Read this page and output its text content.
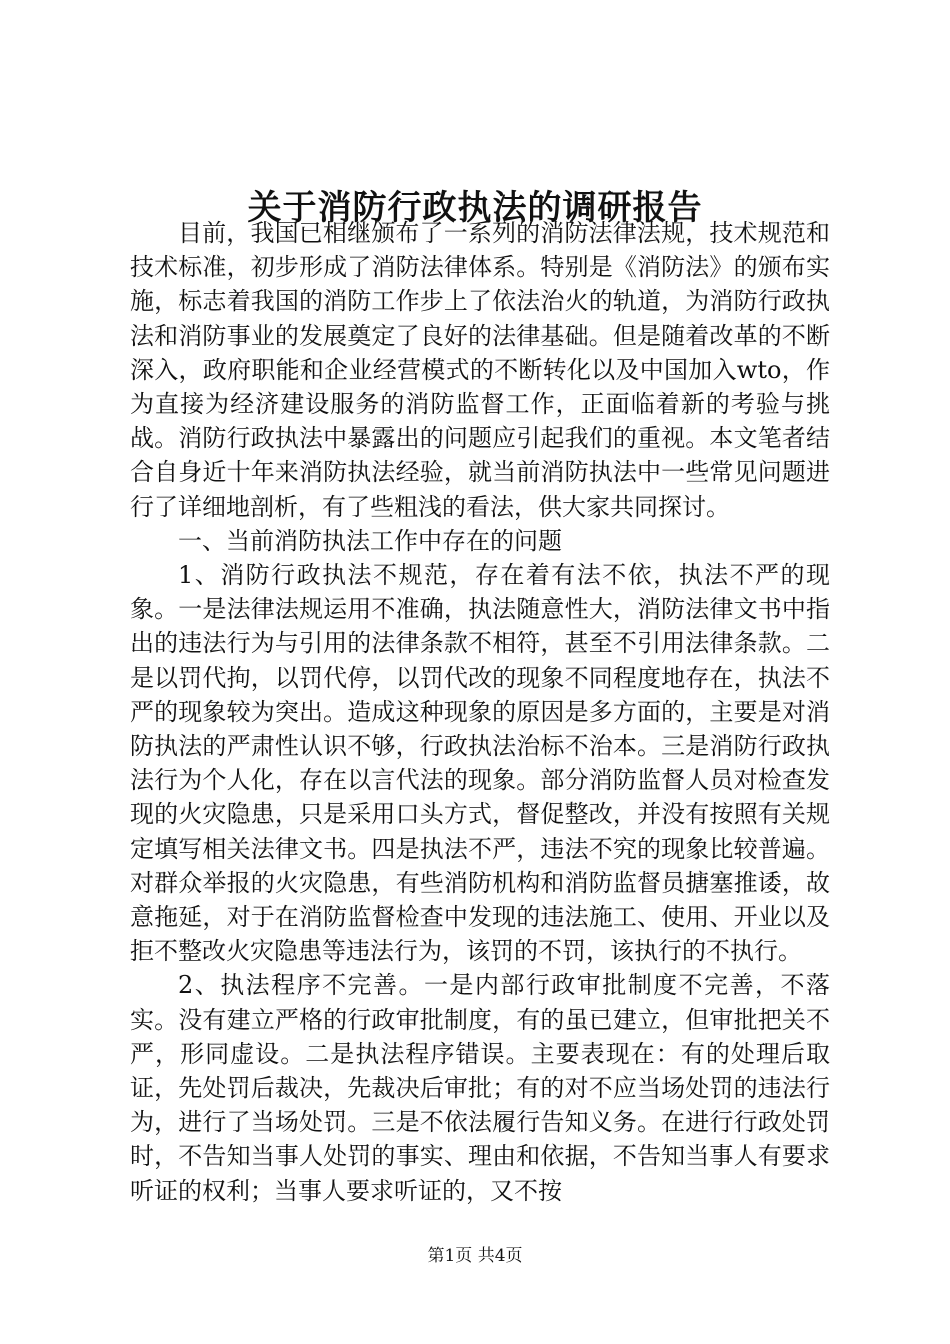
关于消防行政执法的调研报告

目前，我国已相继颁布了一系列的消防法律法规，技术规范和技术标准，初步形成了消防法律体系。特别是《消防法》的颁布实施，标志着我国的消防工作步上了依法治火的轨道，为消防行政执法和消防事业的发展奠定了良好的法律基础。但是随着改革的不断深入，政府职能和企业经营模式的不断转化以及中国加入wto，作为直接为经济建设服务的消防监督工作，正面临着新的考验与挑战。消防行政执法中暴露出的问题应引起我们的重视。本文笔者结合自身近十年来消防执法经验，就当前消防执法中一些常见问题进行了详细地剖析，有了些粗浅的看法，供大家共同探讨。

一、当前消防执法工作中存在的问题

1、消防行政执法不规范，存在着有法不依，执法不严的现象。一是法律法规运用不准确，执法随意性大，消防法律文书中指出的违法行为与引用的法律条款不相符，甚至不引用法律条款。二是以罚代拘，以罚代停，以罚代改的现象不同程度地存在，执法不严的现象较为突出。造成这种现象的原因是多方面的，主要是对消防执法的严肃性认识不够，行政执法治标不治本。三是消防行政执法行为个人化，存在以言代法的现象。部分消防监督人员对检查发现的火灾隐患，只是采用口头方式，督促整改，并没有按照有关规定填写相关法律文书。四是执法不严，违法不究的现象比较普遍。对群众举报的火灾隐患，有些消防机构和消防监督员搪塞推诿，故意拖延，对于在消防监督检查中发现的违法施工、使用、开业以及拒不整改火灾隐患等违法行为，该罚的不罚，该执行的不执行。

2、执法程序不完善。一是内部行政审批制度不完善，不落实。没有建立严格的行政审批制度，有的虽已建立，但审批把关不严，形同虚设。二是执法程序错误。主要表现在：有的处理后取证，先处罚后裁决，先裁决后审批；有的对不应当场处罚的违法行为，进行了当场处罚。三是不依法履行告知义务。在进行行政处罚时，不告知当事人处罚的事实、理由和依据，不告知当事人有要求听证的权利；当事人要求听证的，又不按

第1页 共4页
